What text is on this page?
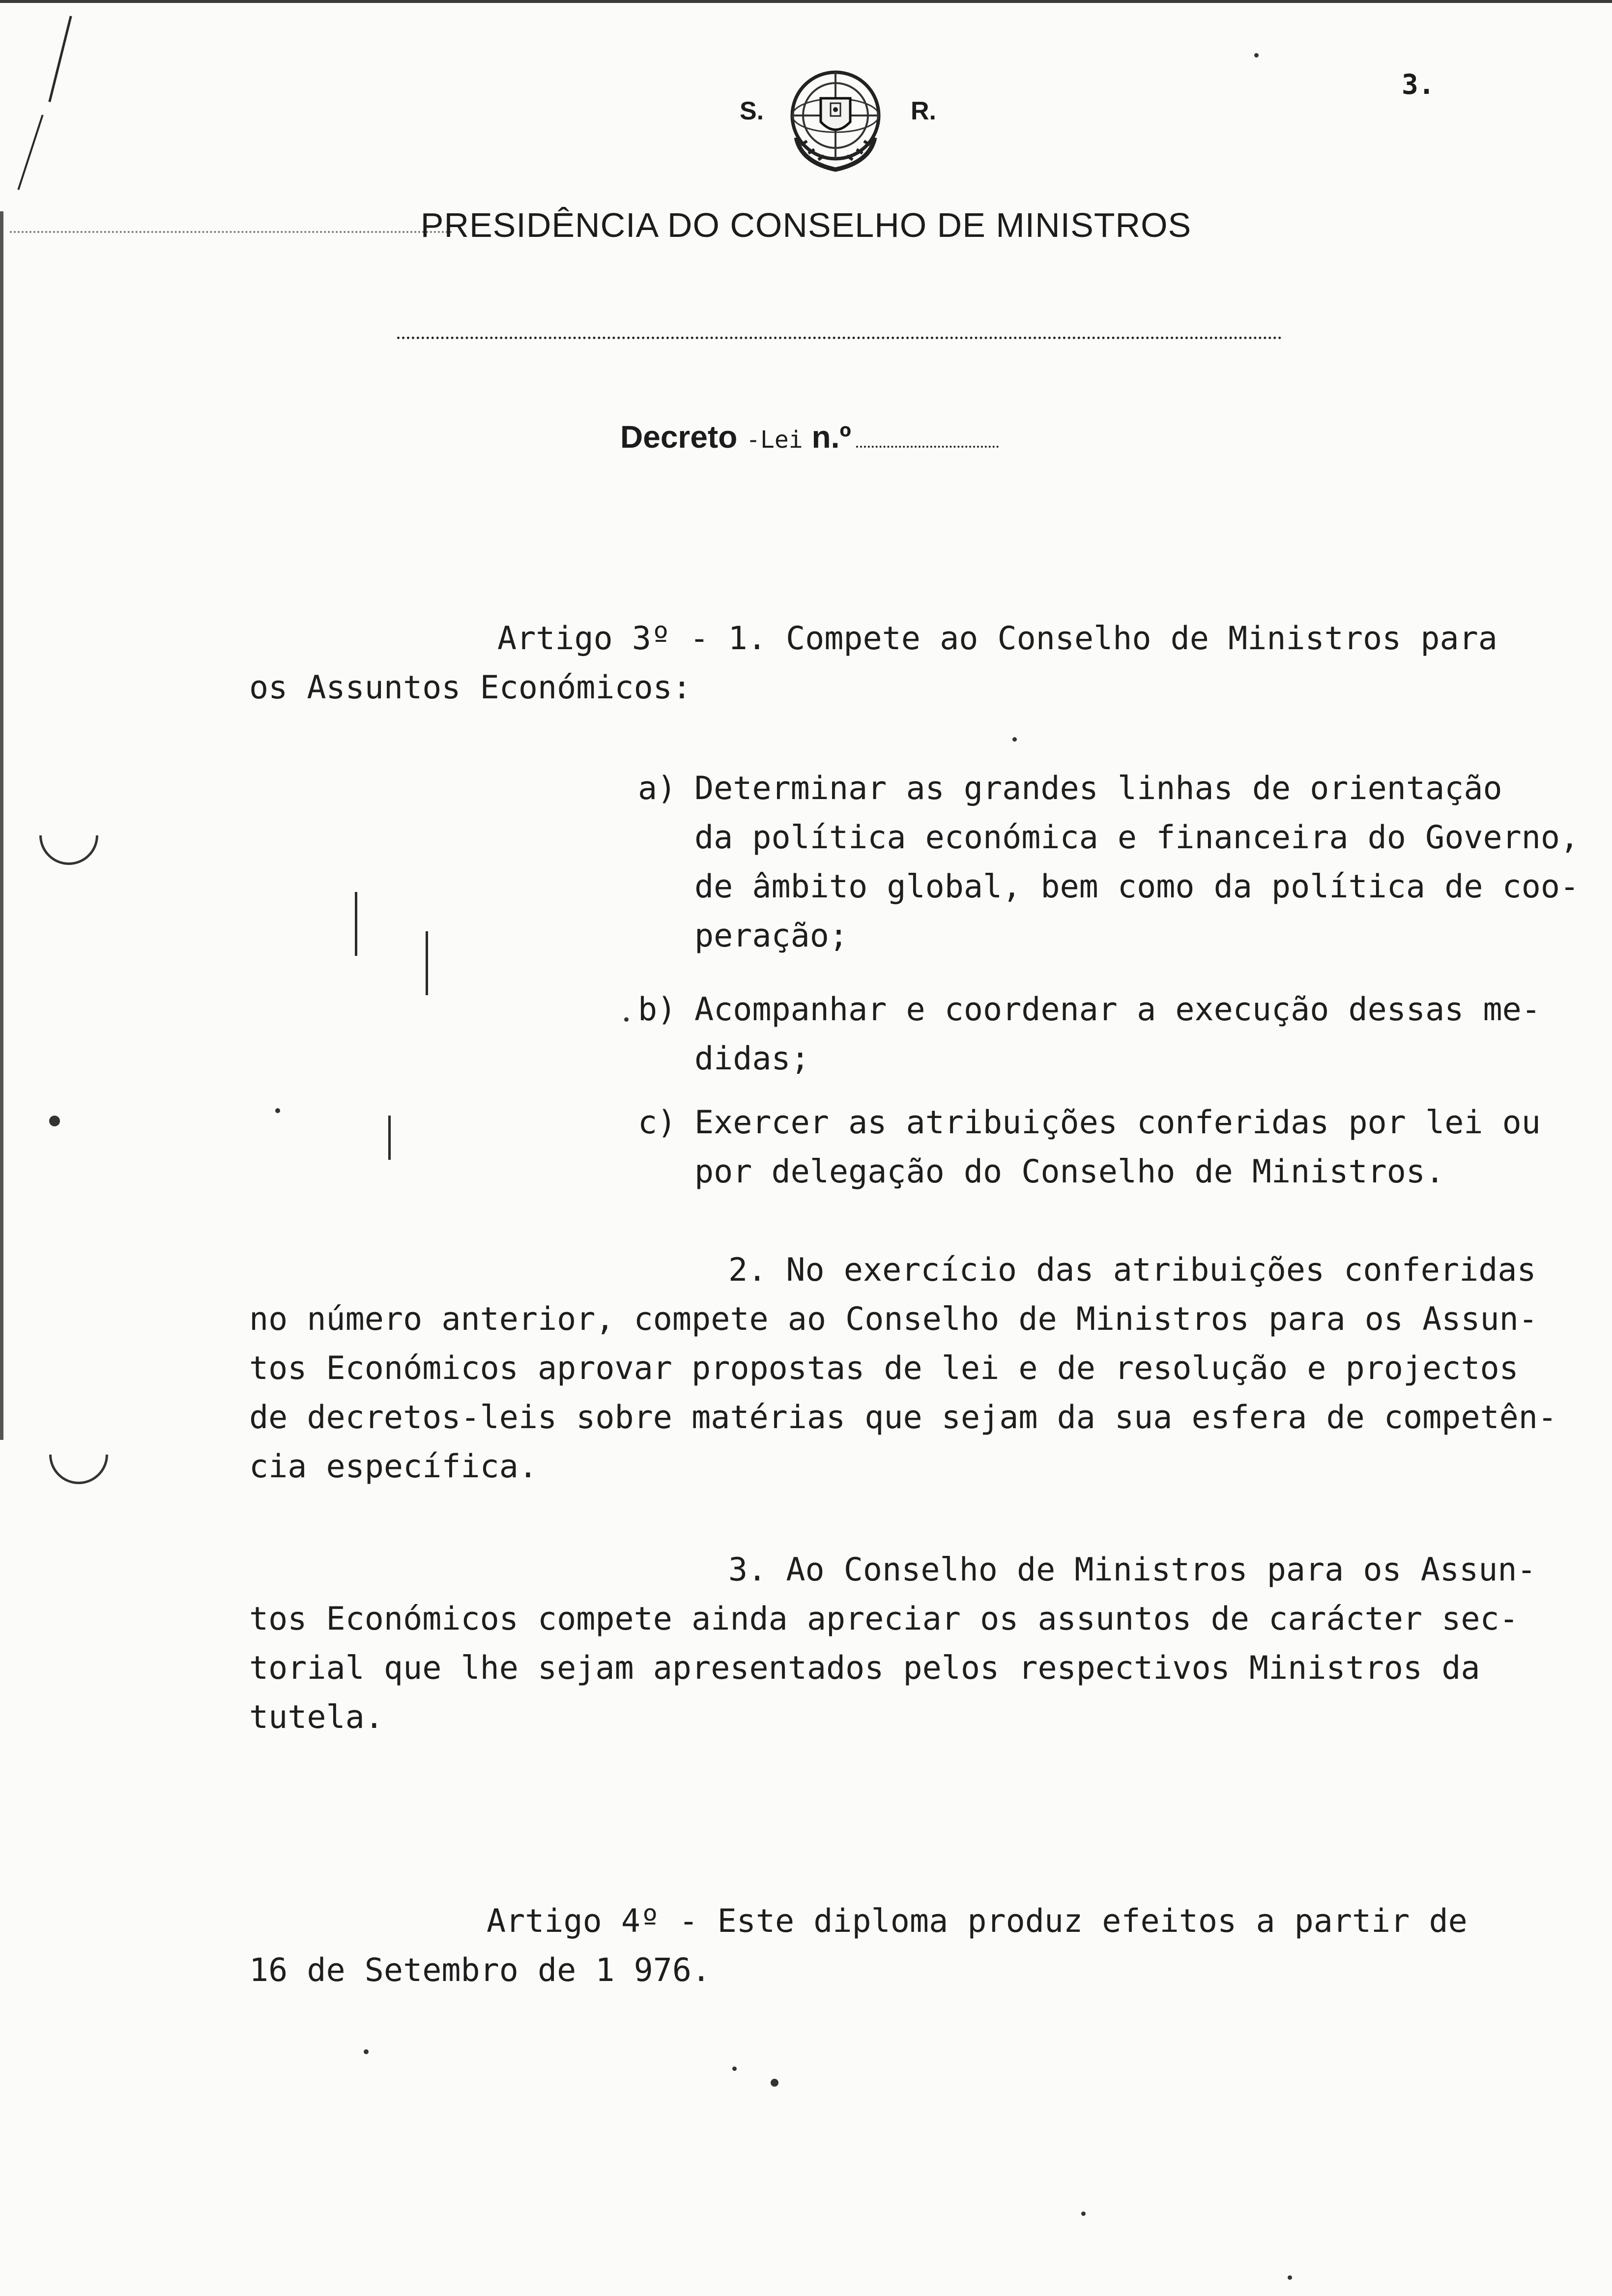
3.
S.	R.
PRESIDÊNCIA DO CONSELHO DE MINISTROS
Decreto -Lei n.º
Artigo 3º - 1. Compete ao Conselho de Ministros para
os Assuntos Económicos:
a) Determinar as grandes linhas de orientação
da política económica e financeira do Governo,
de âmbito global, bem como da política de coo-
peração;
b) Acompanhar e coordenar a execução dessas me-
didas;
c) Exercer as atribuições conferidas por lei ou
por delegação do Conselho de Ministros.
2. No exercício das atribuições conferidas
no número anterior, compete ao Conselho de Ministros para os Assun-
tos Económicos aprovar propostas de lei e de resolução e projectos
de decretos-leis sobre matérias que sejam da sua esfera de competên-
cia específica.
3. Ao Conselho de Ministros para os Assun-
tos Económicos compete ainda apreciar os assuntos de carácter sec-
torial que lhe sejam apresentados pelos respectivos Ministros da
tutela.
Artigo 4º - Este diploma produz efeitos a partir de
16 de Setembro de 1 976.
